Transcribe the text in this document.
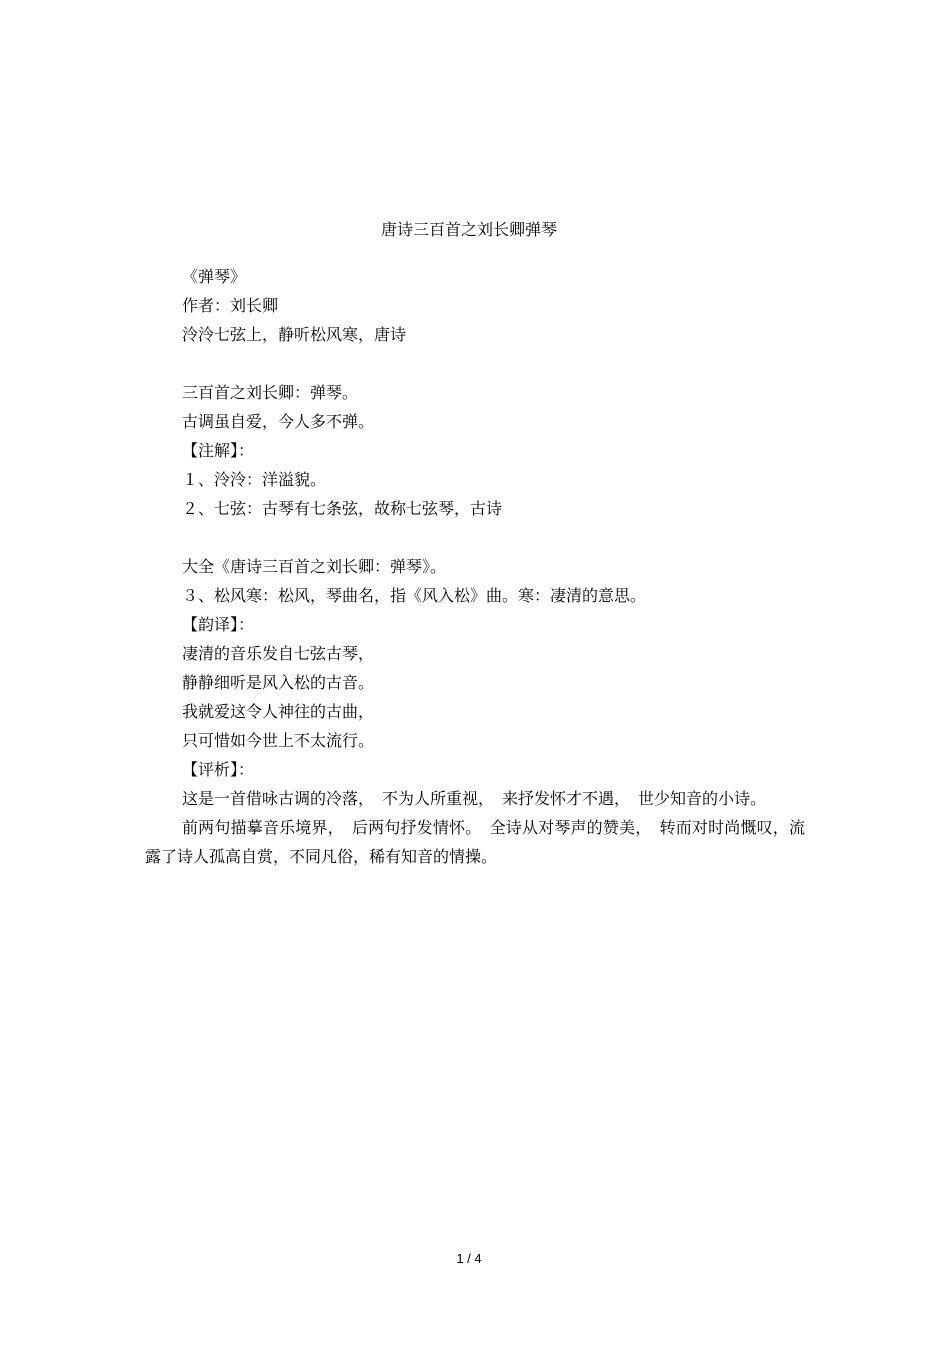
唐诗三百首之刘长卿弹琴

《弹琴》

作者：刘长卿

泠泠七弦上，静听松风寒，唐诗

三百首之刘长卿：弹琴。

古调虽自爱，今人多不弹。

【注解】：

１、泠泠：洋溢貌。

２、七弦：古琴有七条弦，故称七弦琴，古诗

大全《唐诗三百首之刘长卿：弹琴》。

３、松风寒：松风，琴曲名，指《风入松》曲。寒：凄清的意思。

【韵译】：

凄清的音乐发自七弦古琴，

静静细听是风入松的古音。

我就爱这令人神往的古曲，

只可惜如今世上不太流行。

【评析】：

这是一首借咏古调的冷落，　不为人所重视，　来抒发怀才不遇，　世少知音的小诗。

前两句描摹音乐境界，　后两句抒发情怀。　全诗从对琴声的赞美，　转而对时尚慨叹，流露了诗人孤高自赏，不同凡俗，稀有知音的情操。

1 / 4
